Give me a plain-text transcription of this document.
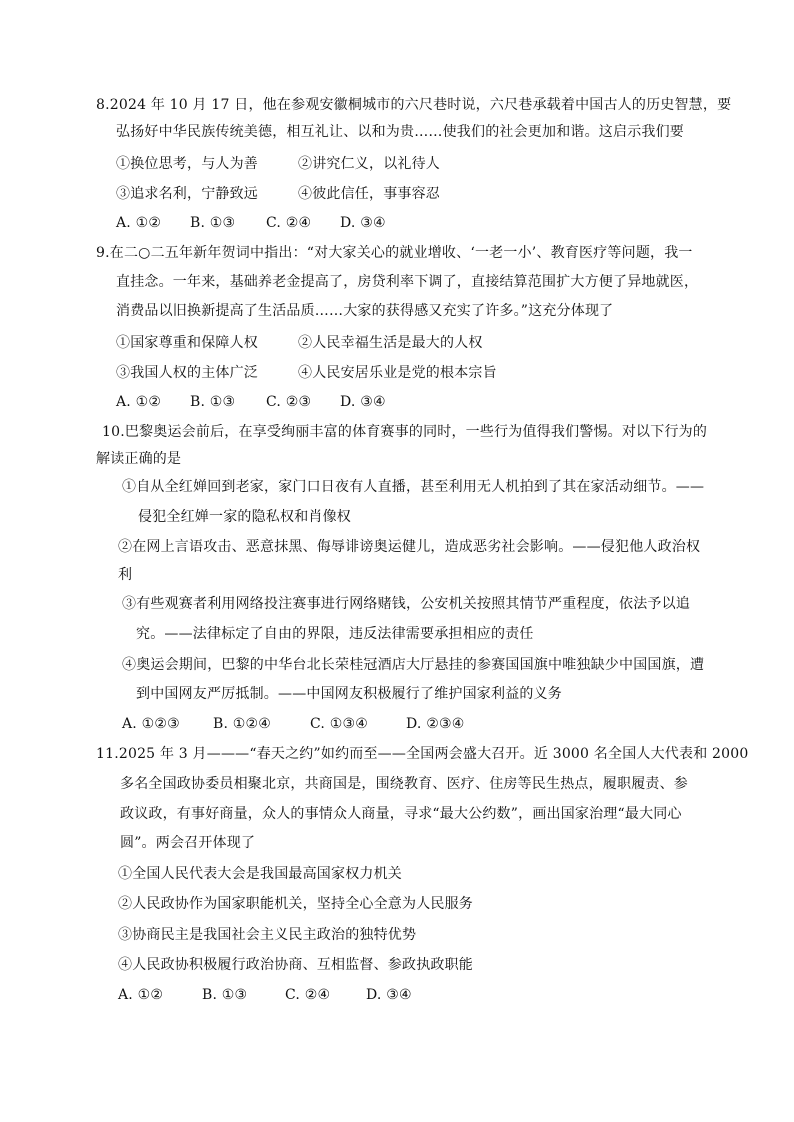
8.2024 年 10 月 17 日，他在参观安徽桐城市的六尺巷时说，六尺巷承载着中国古人的历史智慧，要
弘扬好中华民族传统美德，相互礼让、以和为贵……使我们的社会更加和谐。这启示我们要
①换位思考，与人为善	②讲究仁义，以礼待人
③追求名利，宁静致远	④彼此信任，事事容忍
A. ①② B. ①③ C. ②④ D. ③④
9.在二○二五年新年贺词中指出：“对大家关心的就业增收、‘一老一小’、教育医疗等问题，我一
直挂念。一年来，基础养老金提高了，房贷利率下调了，直接结算范围扩大方便了异地就医，
消费品以旧换新提高了生活品质……大家的获得感又充实了许多。”这充分体现了
①国家尊重和保障人权	②人民幸福生活是最大的人权
③我国人权的主体广泛	④人民安居乐业是党的根本宗旨
A. ①② B. ①③ C. ②③ D. ③④
10.巴黎奥运会前后，在享受绚丽丰富的体育赛事的同时，一些行为值得我们警惕。对以下行为的
解读正确的是
①自从全红婵回到老家，家门口日夜有人直播，甚至利用无人机拍到了其在家活动细节。——
侵犯全红婵一家的隐私权和肖像权
②在网上言语攻击、恶意抹黑、侮辱诽谤奥运健儿，造成恶劣社会影响。——侵犯他人政治权
利
③有些观赛者利用网络投注赛事进行网络赌钱，公安机关按照其情节严重程度，依法予以追
究。——法律标定了自由的界限，违反法律需要承担相应的责任
④奥运会期间，巴黎的中华台北长荣桂冠酒店大厅悬挂的参赛国国旗中唯独缺少中国国旗，遭
到中国网友严厉抵制。——中国网友积极履行了维护国家利益的义务
A. ①②③ B. ①②④	C. ①③④	D. ②③④
11.2025 年 3 月———“春天之约”如约而至——全国两会盛大召开。近 3000 名全国人大代表和 2000
多名全国政协委员相聚北京，共商国是，围绕教育、医疗、住房等民生热点，履职履责、参
政议政，有事好商量，众人的事情众人商量，寻求“最大公约数”，画出国家治理“最大同心
圆”。两会召开体现了
①全国人民代表大会是我国最高国家权力机关
②人民政协作为国家职能机关，坚持全心全意为人民服务
③协商民主是我国社会主义民主政治的独特优势
④人民政协积极履行政治协商、互相监督、参政执政职能
A. ①②	B. ①③	C. ②④	D. ③④
